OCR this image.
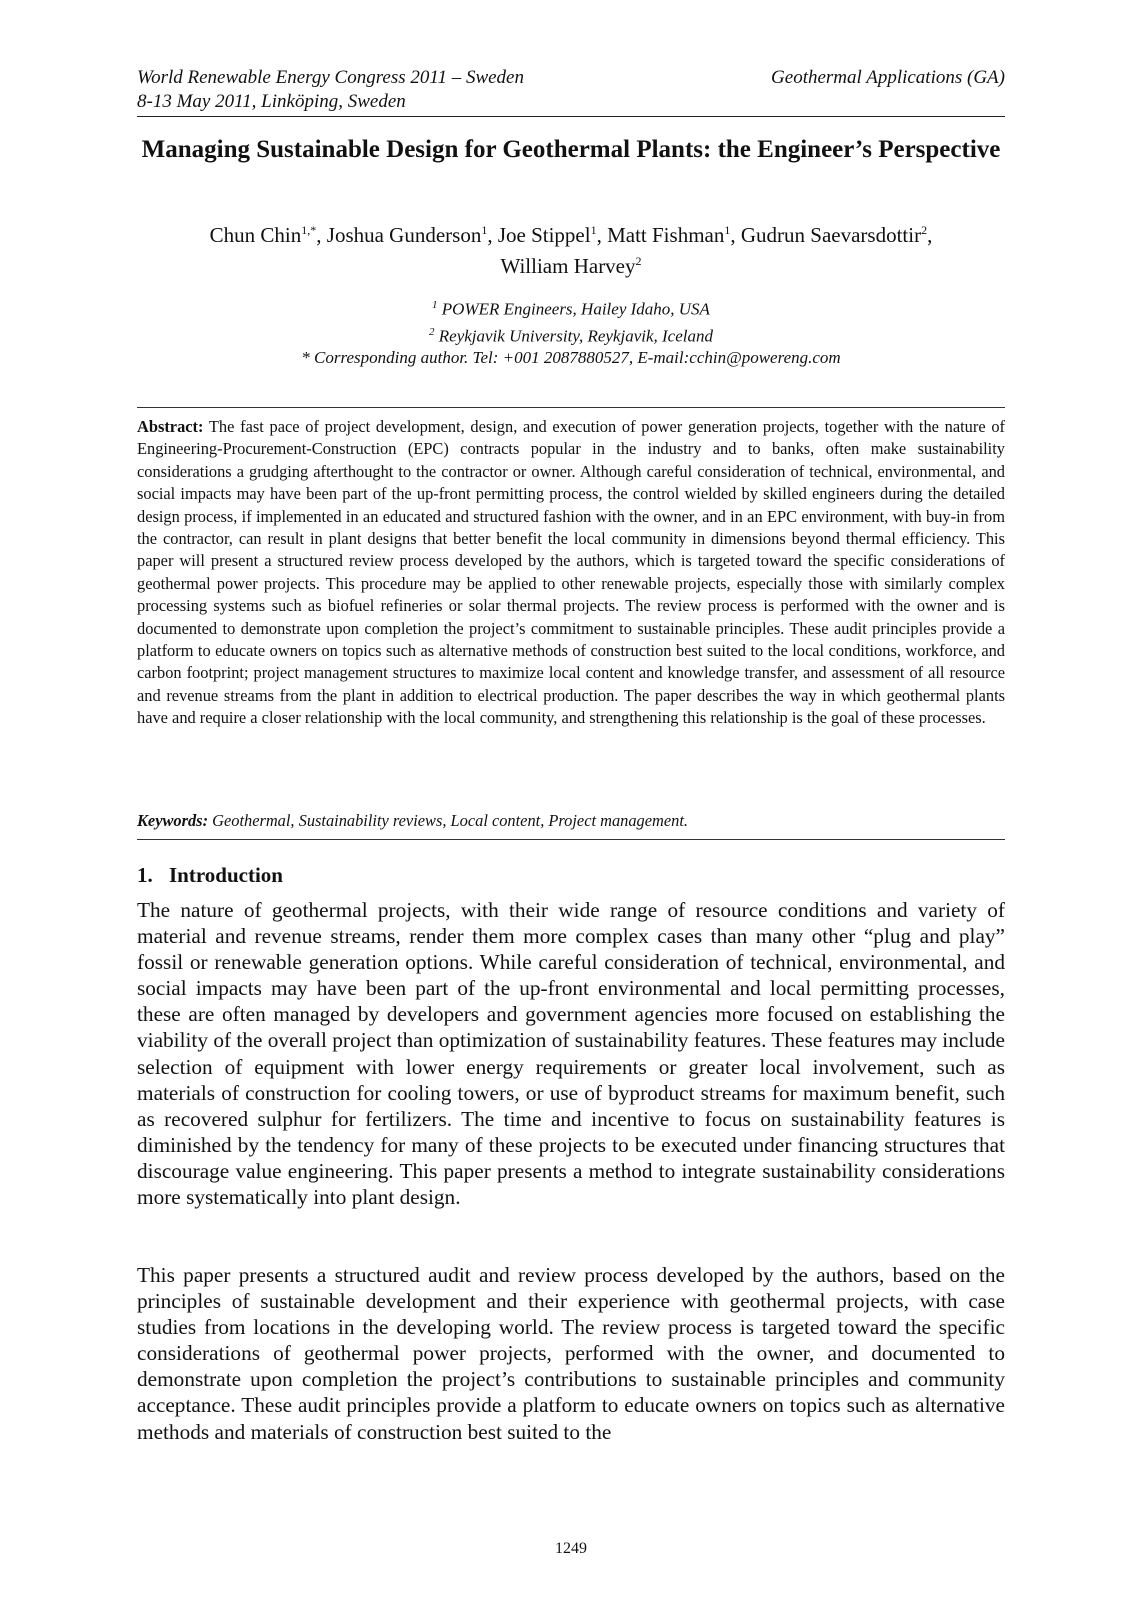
World Renewable Energy Congress 2011 – Sweden
8-13 May 2011, Linköping, Sweden
Geothermal Applications (GA)
Managing Sustainable Design for Geothermal Plants: the Engineer’s Perspective
Chun Chin$^{1,*}$, Joshua Gunderson$^1$, Joe Stippel$^1$, Matt Fishman$^1$, Gudrun Saevarsdottir$^2$,
William Harvey$^2$
$^1$ POWER Engineers, Hailey Idaho, USA
$^2$ Reykjavik University, Reykjavik, Iceland
* Corresponding author. Tel: +001 2087880527, E-mail:cchin@powereng.com
Abstract: The fast pace of project development, design, and execution of power generation projects, together with the nature of Engineering-Procurement-Construction (EPC) contracts popular in the industry and to banks, often make sustainability considerations a grudging afterthought to the contractor or owner. Although careful consideration of technical, environmental, and social impacts may have been part of the up-front permitting process, the control wielded by skilled engineers during the detailed design process, if implemented in an educated and structured fashion with the owner, and in an EPC environment, with buy-in from the contractor, can result in plant designs that better benefit the local community in dimensions beyond thermal efficiency. This paper will present a structured review process developed by the authors, which is targeted toward the specific considerations of geothermal power projects. This procedure may be applied to other renewable projects, especially those with similarly complex processing systems such as biofuel refineries or solar thermal projects. The review process is performed with the owner and is documented to demonstrate upon completion the project’s commitment to sustainable principles. These audit principles provide a platform to educate owners on topics such as alternative methods of construction best suited to the local conditions, workforce, and carbon footprint; project management structures to maximize local content and knowledge transfer, and assessment of all resource and revenue streams from the plant in addition to electrical production. The paper describes the way in which geothermal plants have and require a closer relationship with the local community, and strengthening this relationship is the goal of these processes.
Keywords: Geothermal, Sustainability reviews, Local content, Project management.
1. Introduction
The nature of geothermal projects, with their wide range of resource conditions and variety of material and revenue streams, render them more complex cases than many other “plug and play” fossil or renewable generation options. While careful consideration of technical, environmental, and social impacts may have been part of the up-front environmental and local permitting processes, these are often managed by developers and government agencies more focused on establishing the viability of the overall project than optimization of sustainability features. These features may include selection of equipment with lower energy requirements or greater local involvement, such as materials of construction for cooling towers, or use of byproduct streams for maximum benefit, such as recovered sulphur for fertilizers. The time and incentive to focus on sustainability features is diminished by the tendency for many of these projects to be executed under financing structures that discourage value engineering. This paper presents a method to integrate sustainability considerations more systematically into plant design.
This paper presents a structured audit and review process developed by the authors, based on the principles of sustainable development and their experience with geothermal projects, with case studies from locations in the developing world. The review process is targeted toward the specific considerations of geothermal power projects, performed with the owner, and documented to demonstrate upon completion the project’s contributions to sustainable principles and community acceptance. These audit principles provide a platform to educate owners on topics such as alternative methods and materials of construction best suited to the
1249
